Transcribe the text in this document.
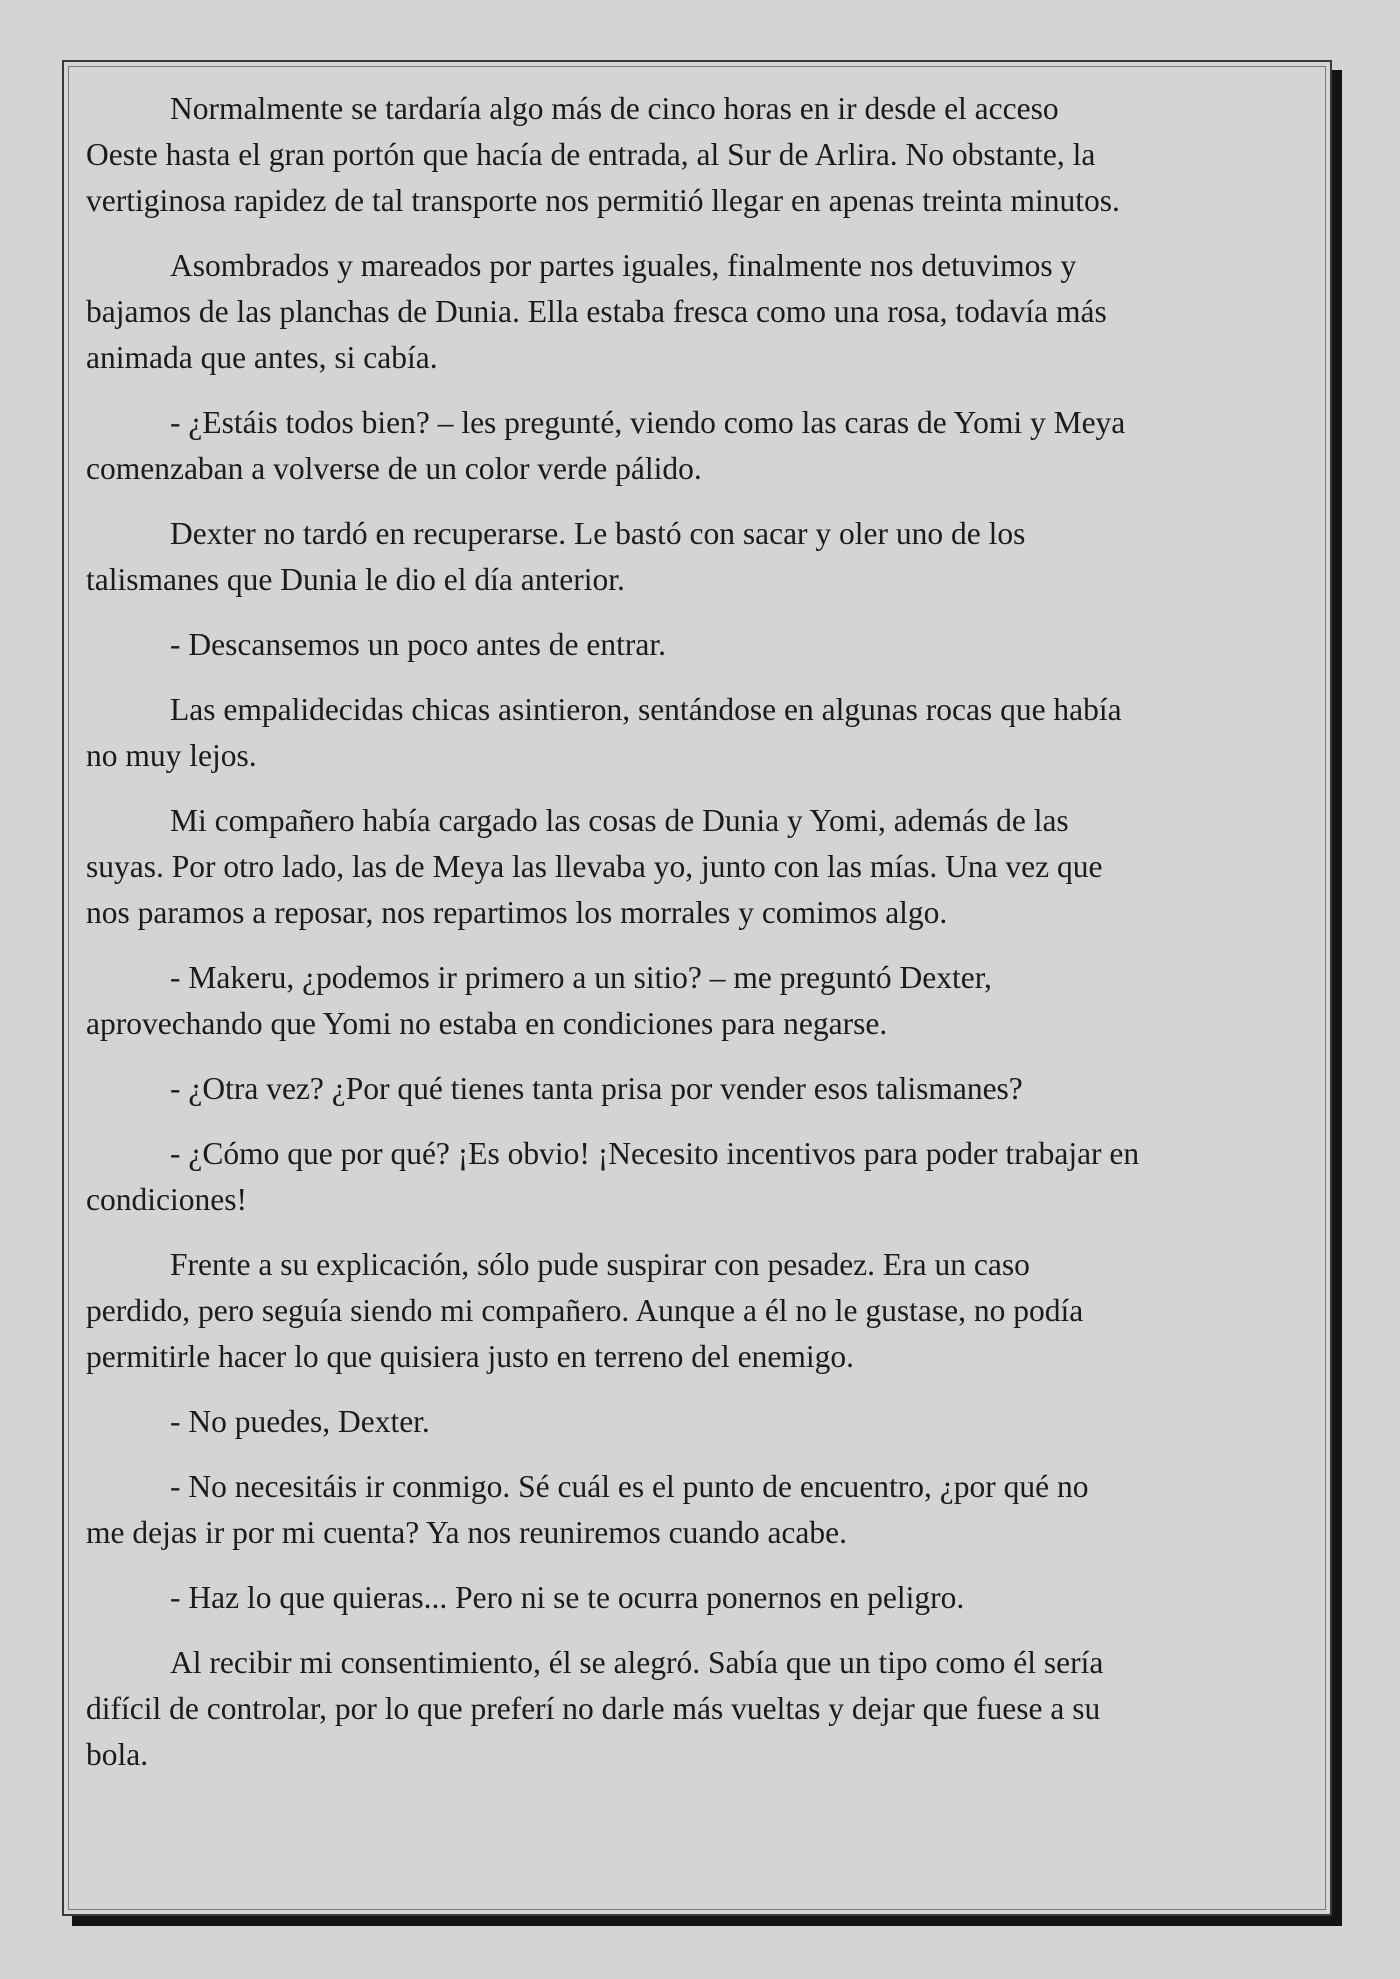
Normalmente se tardaría algo más de cinco horas en ir desde el acceso
Oeste hasta el gran portón que hacía de entrada, al Sur de Arlira. No obstante, la
vertiginosa rapidez de tal transporte nos permitió llegar en apenas treinta minutos.

Asombrados y mareados por partes iguales, finalmente nos detuvimos y
bajamos de las planchas de Dunia. Ella estaba fresca como una rosa, todavía más
animada que antes, si cabía.

- ¿Estáis todos bien? – les pregunté, viendo como las caras de Yomi y Meya
comenzaban a volverse de un color verde pálido.

Dexter no tardó en recuperarse. Le bastó con sacar y oler uno de los
talismanes que Dunia le dio el día anterior.

- Descansemos un poco antes de entrar.

Las empalidecidas chicas asintieron, sentándose en algunas rocas que había
no muy lejos.

Mi compañero había cargado las cosas de Dunia y Yomi, además de las
suyas. Por otro lado, las de Meya las llevaba yo, junto con las mías. Una vez que
nos paramos a reposar, nos repartimos los morrales y comimos algo.

- Makeru, ¿podemos ir primero a un sitio? – me preguntó Dexter,
aprovechando que Yomi no estaba en condiciones para negarse.

- ¿Otra vez? ¿Por qué tienes tanta prisa por vender esos talismanes?

- ¿Cómo que por qué? ¡Es obvio! ¡Necesito incentivos para poder trabajar en
condiciones!

Frente a su explicación, sólo pude suspirar con pesadez. Era un caso
perdido, pero seguía siendo mi compañero. Aunque a él no le gustase, no podía
permitirle hacer lo que quisiera justo en terreno del enemigo.

- No puedes, Dexter.

- No necesitáis ir conmigo. Sé cuál es el punto de encuentro, ¿por qué no
me dejas ir por mi cuenta? Ya nos reuniremos cuando acabe.

- Haz lo que quieras... Pero ni se te ocurra ponernos en peligro.

Al recibir mi consentimiento, él se alegró. Sabía que un tipo como él sería
difícil de controlar, por lo que preferí no darle más vueltas y dejar que fuese a su
bola.
